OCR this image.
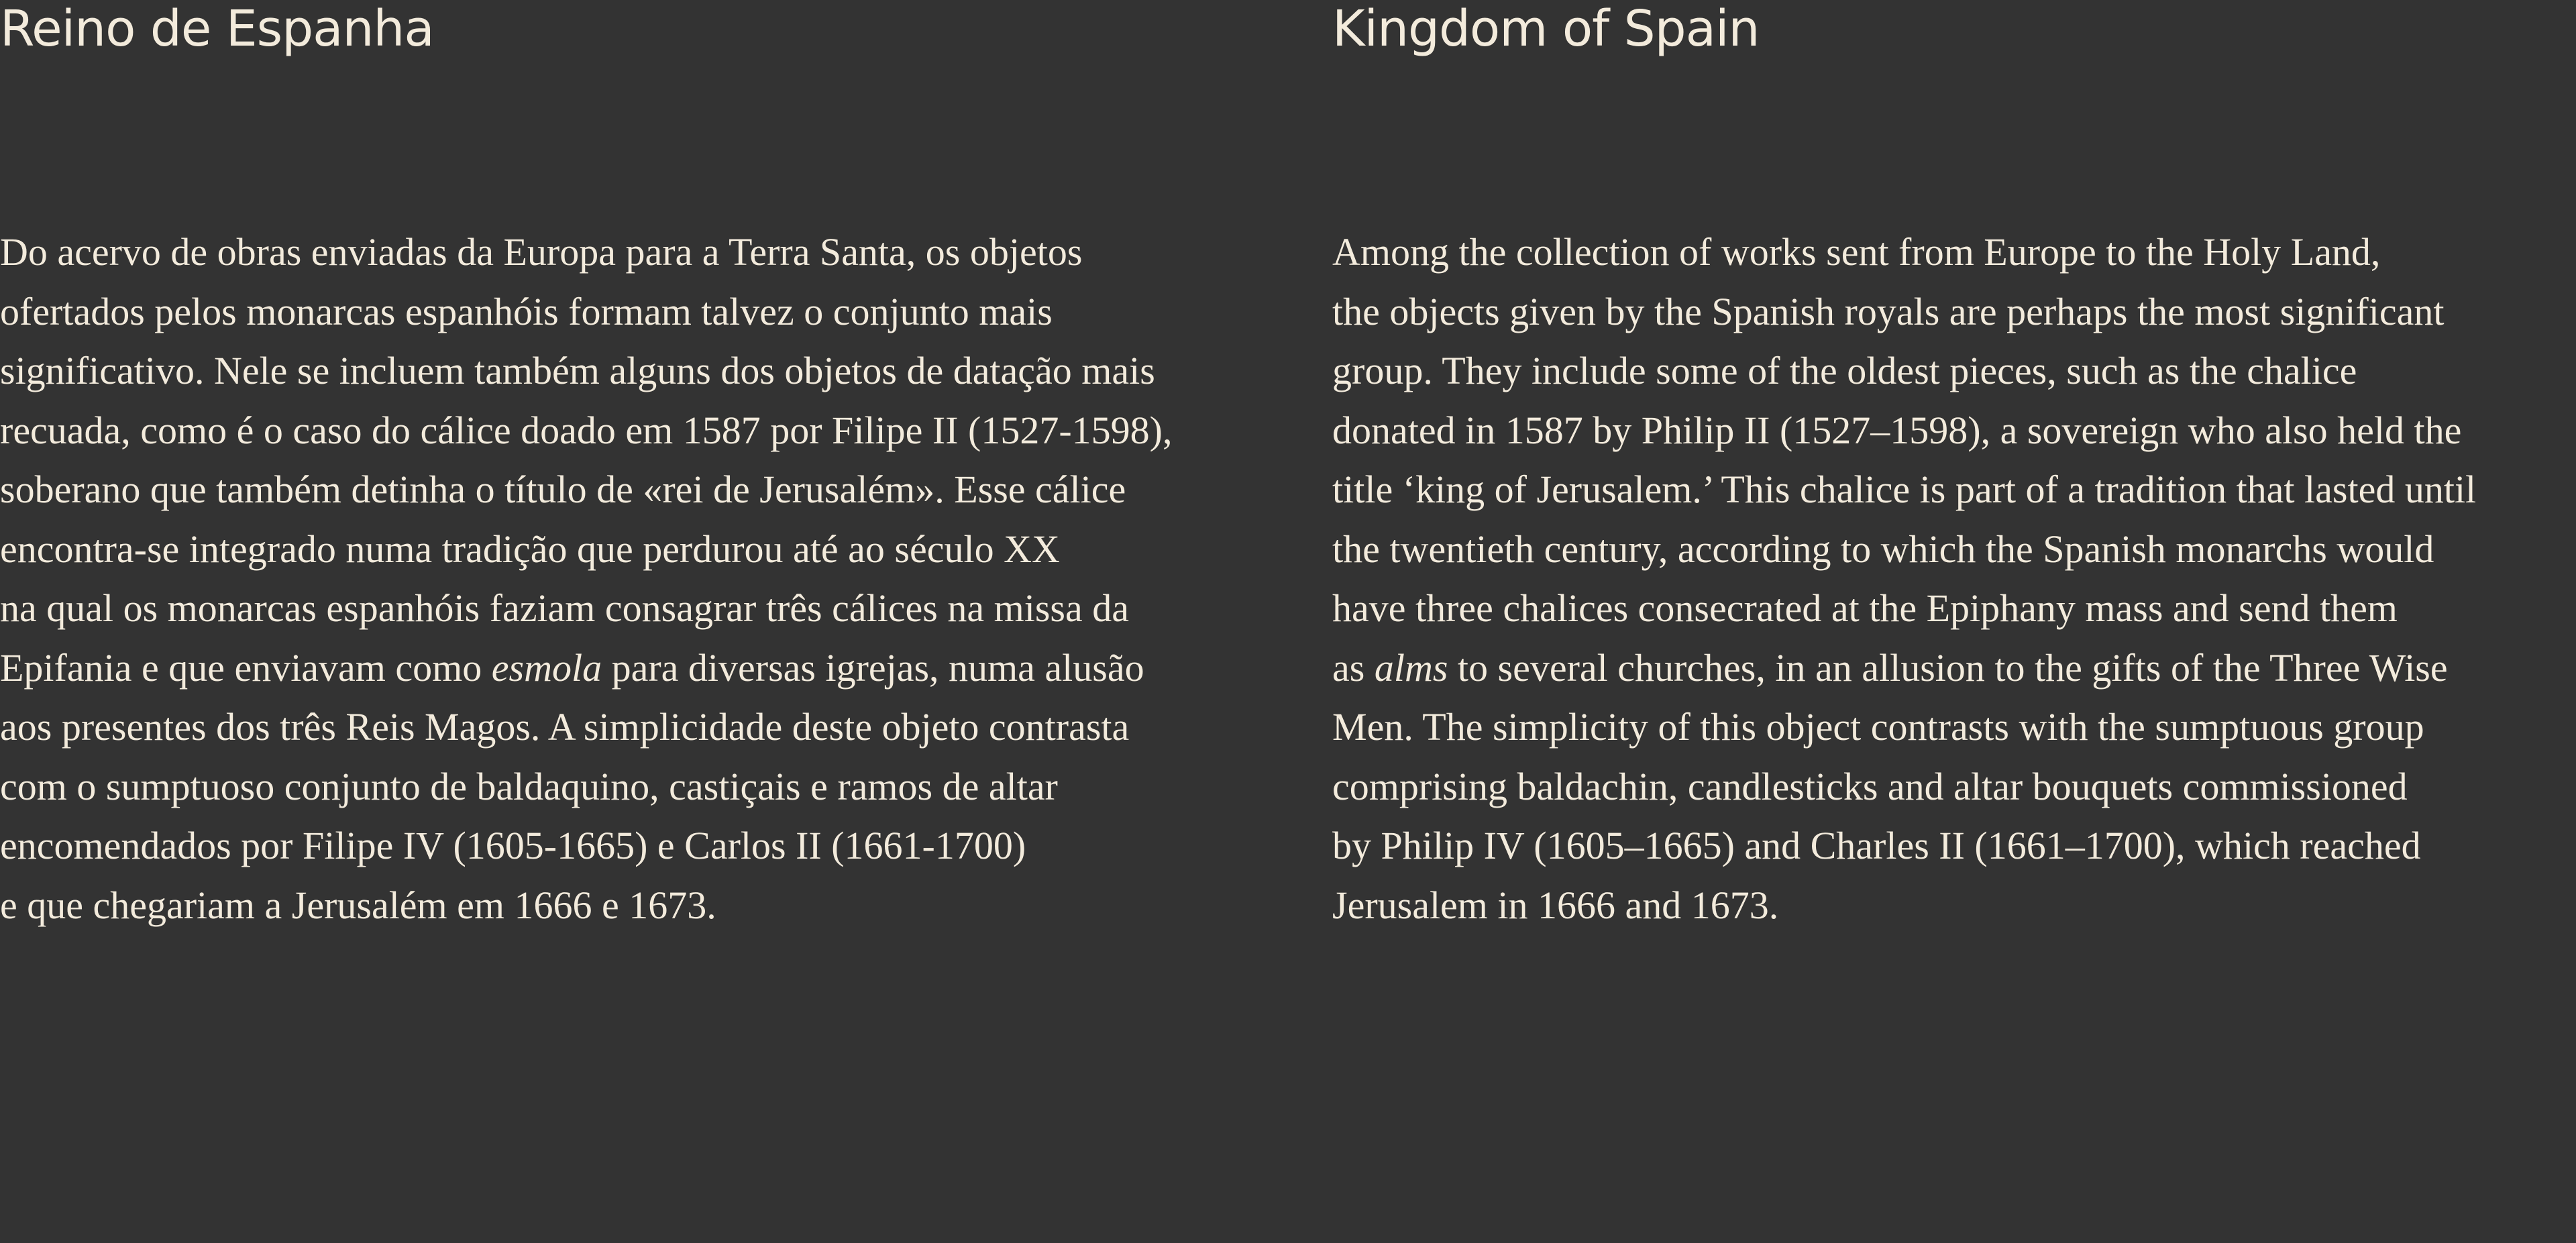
Reino de Espanha

Do acervo de obras enviadas da Europa para a Terra Santa, os objetos
ofertados pelos monarcas espanhóis formam talvez o conjunto mais
significativo. Nele se incluem também alguns dos objetos de datação mais
recuada, como é o caso do cálice doado em 1587 por Filipe II (1527-1598),
soberano que também detinha o título de «rei de Jerusalém». Esse cálice
encontra-se integrado numa tradição que perdurou até ao século XX
na qual os monarcas espanhóis faziam consagrar três cálices na missa da
Epifania e que enviavam como esmola para diversas igrejas, numa alusão
aos presentes dos três Reis Magos. A simplicidade deste objeto contrasta
com o sumptuoso conjunto de baldaquino, castiçais e ramos de altar
encomendados por Filipe IV (1605-1665) e Carlos II (1661-1700)
e que chegariam a Jerusalém em 1666 e 1673.

Kingdom of Spain

Among the collection of works sent from Europe to the Holy Land,
the objects given by the Spanish royals are perhaps the most significant
group. They include some of the oldest pieces, such as the chalice
donated in 1587 by Philip II (1527–1598), a sovereign who also held the
title ‘king of Jerusalem.’ This chalice is part of a tradition that lasted until
the twentieth century, according to which the Spanish monarchs would
have three chalices consecrated at the Epiphany mass and send them
as alms to several churches, in an allusion to the gifts of the Three Wise
Men. The simplicity of this object contrasts with the sumptuous group
comprising baldachin, candlesticks and altar bouquets commissioned
by Philip IV (1605–1665) and Charles II (1661–1700), which reached
Jerusalem in 1666 and 1673.
